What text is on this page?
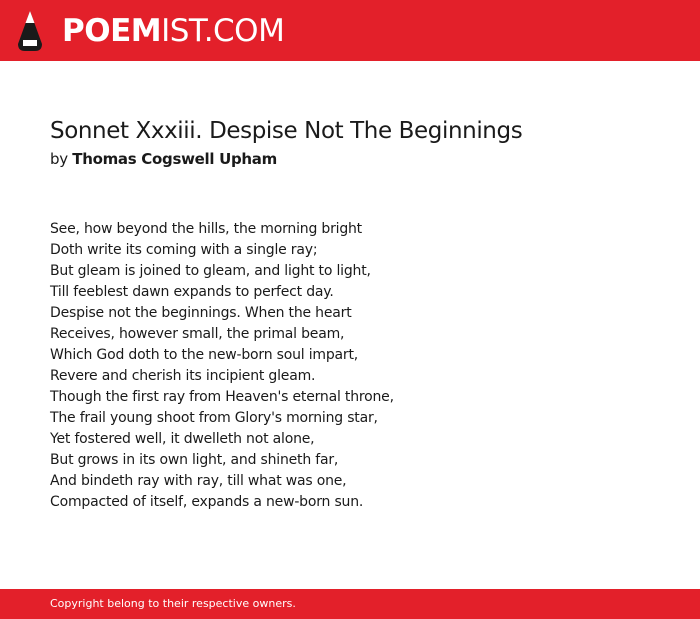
POEMIST.COM
Sonnet Xxxiii. Despise Not The Beginnings
by Thomas Cogswell Upham
See, how beyond the hills, the morning bright
Doth write its coming with a single ray;
But gleam is joined to gleam, and light to light,
Till feeblest dawn expands to perfect day.
Despise not the beginnings. When the heart
Receives, however small, the primal beam,
Which God doth to the new-born soul impart,
Revere and cherish its incipient gleam.
Though the first ray from Heaven's eternal throne,
The frail young shoot from Glory's morning star,
Yet fostered well, it dwelleth not alone,
But grows in its own light, and shineth far,
And bindeth ray with ray, till what was one,
Compacted of itself, expands a new-born sun.
Copyright belong to their respective owners.
